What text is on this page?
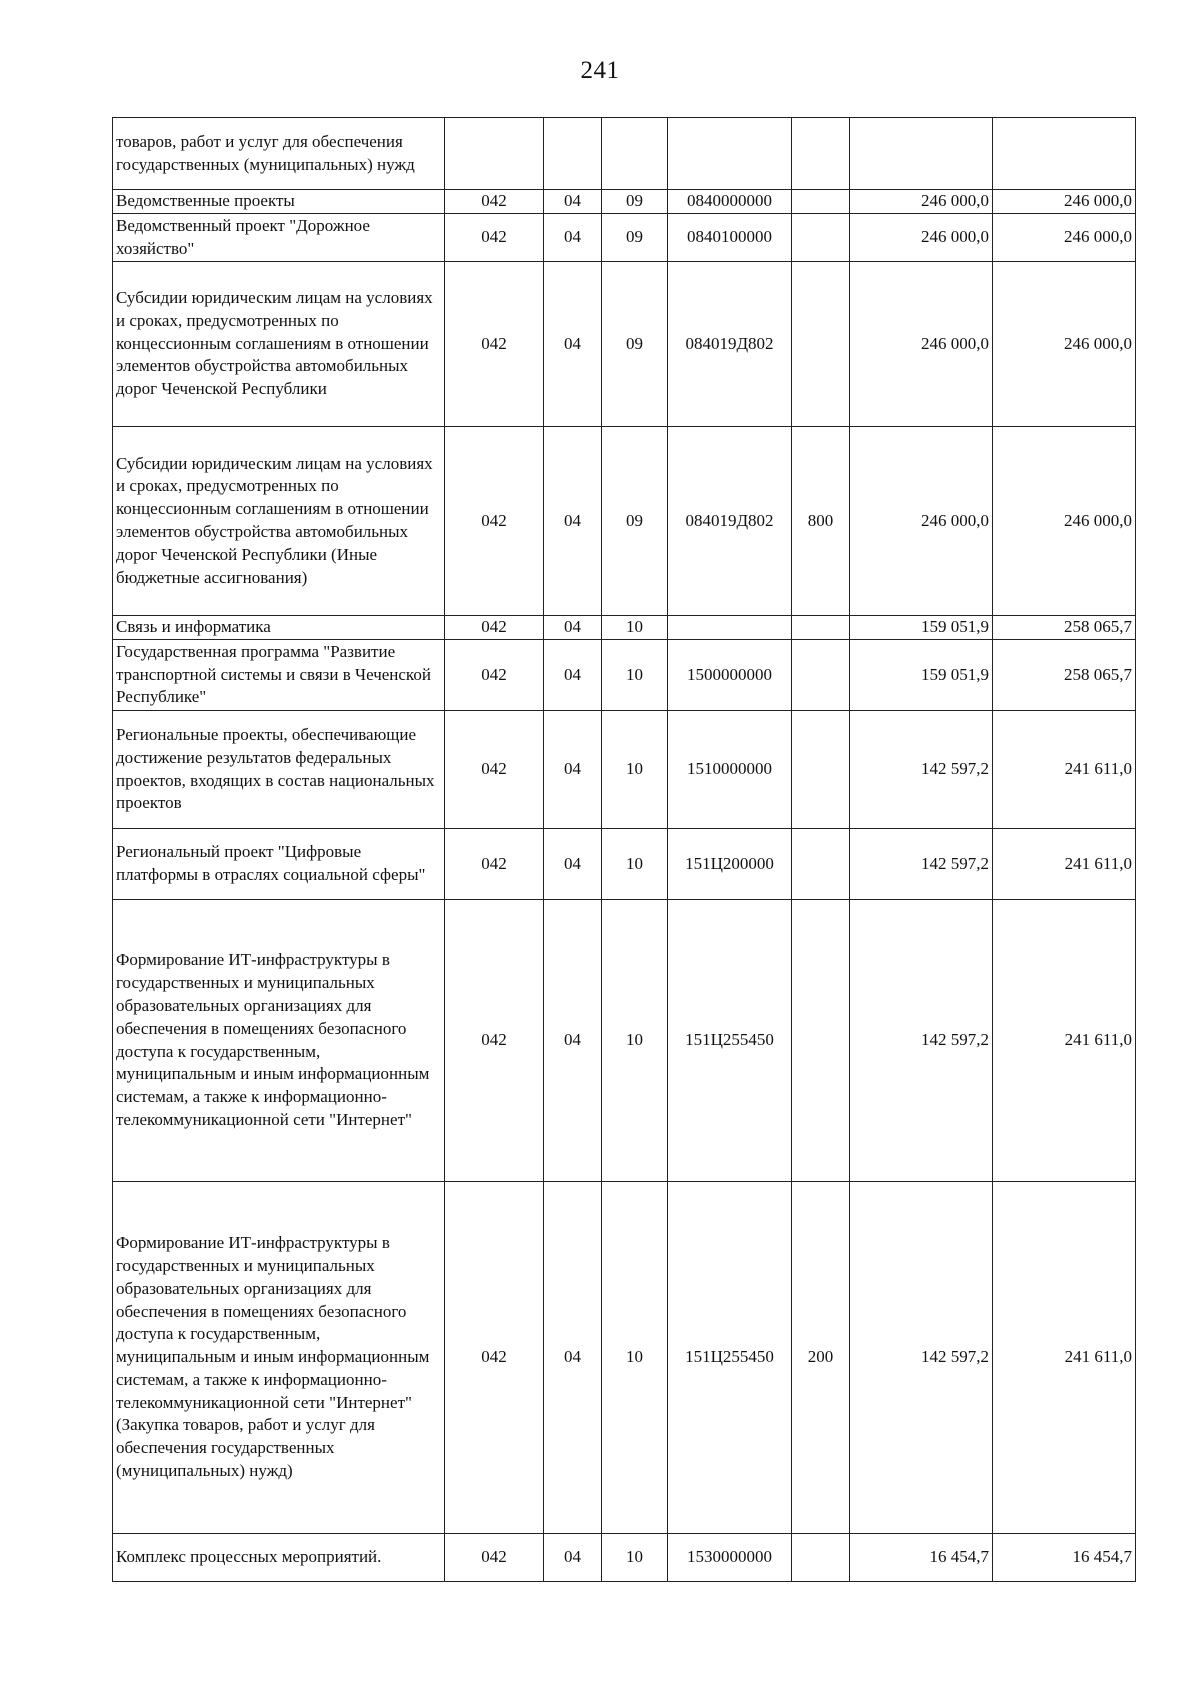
241
товаров, работ и услуг для обеспечения государственных (муниципальных) нужд							
Ведомственные проекты	042	04	09	0840000000		246 000,0	246 000,0
Ведомственный проект "Дорожное хозяйство"	042	04	09	0840100000		246 000,0	246 000,0
Субсидии юридическим лицам на условиях и сроках, предусмотренных по концессионным соглашениям в отношении элементов обустройства автомобильных дорог Чеченской Республики	042	04	09	084019Д802		246 000,0	246 000,0
Субсидии юридическим лицам на условиях и сроках, предусмотренных по концессионным соглашениям в отношении элементов обустройства автомобильных дорог Чеченской Республики (Иные бюджетные ассигнования)	042	04	09	084019Д802	800	246 000,0	246 000,0
Связь и информатика	042	04	10			159 051,9	258 065,7
Государственная программа "Развитие транспортной системы и связи в Чеченской Республике"	042	04	10	1500000000		159 051,9	258 065,7
Региональные проекты, обеспечивающие достижение результатов федеральных проектов, входящих в состав национальных проектов	042	04	10	1510000000		142 597,2	241 611,0
Региональный проект "Цифровые платформы в отраслях социальной сферы"	042	04	10	151Ц200000		142 597,2	241 611,0
Формирование ИТ-инфраструктуры в государственных и муниципальных образовательных организациях для обеспечения в помещениях безопасного доступа к государственным, муниципальным и иным информационным системам, а также к информационно-телекоммуникационной сети "Интернет"	042	04	10	151Ц255450		142 597,2	241 611,0
Формирование ИТ-инфраструктуры в государственных и муниципальных образовательных организациях для обеспечения в помещениях безопасного доступа к государственным, муниципальным и иным информационным системам, а также к информационно-телекоммуникационной сети "Интернет" (Закупка товаров, работ и услуг для обеспечения государственных (муниципальных) нужд)	042	04	10	151Ц255450	200	142 597,2	241 611,0
Комплекс процессных мероприятий.	042	04	10	1530000000		16 454,7	16 454,7
